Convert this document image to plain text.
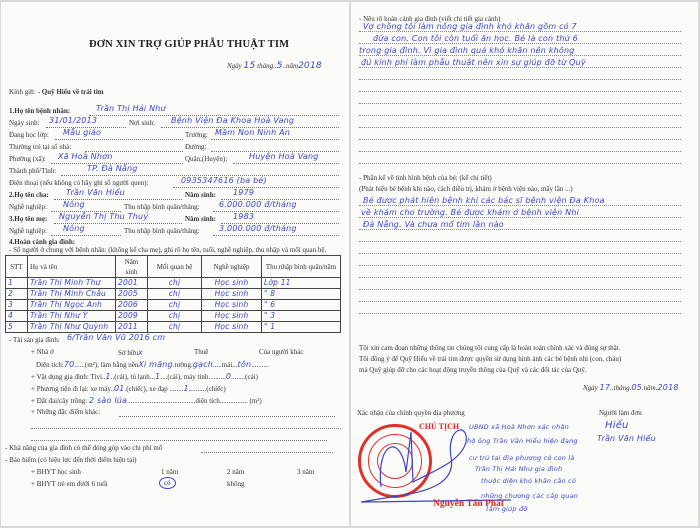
ĐƠN XIN TRỢ GIÚP PHẪU THUẬT TIM
Ngày 15 tháng..5..năm2018
Kính gửi: - Quỹ Hiểu về trái tim
1.Họ tên bệnh nhân:	Trần Thị Hải Như
Ngày sinh: 31/01/2013	Nơi sinh: Bệnh Viện Đa Khoa Hoà Vang
Đang học lớp: Mẫu giáo	Trường: Mầm Non Ninh An
Thường trú tại số nhà:	Đường:
Phường (xã): Xã Hoà Nhơn	Quận,(Huyện):	Huyện Hoà Vang
Thành phố/Tỉnh:	TP. Đà Nẵng
Điện thoại (nếu không có hãy ghi số người quen):	0935347616 (ba bé)
2.Họ tên cha: Trần Văn Hiếu	Năm sinh: 1979
Nghề nghiệp: Nông	Thu nhập bình quân/tháng: 6.000.000 đ/tháng
3.Họ tên mẹ: Nguyễn Thị Thu Thuỷ	Năm sinh: 1983
Nghề nghiệp: Nông	Thu nhập bình quân/tháng: 3.000.000 đ/tháng
4.Hoàn cảnh gia đình:
- Số người ở chung với bệnh nhân: (không kể cha mẹ), ghi rõ họ tên, tuổi, nghề nghiệp, thu nhập và mối quan hệ.
STT	Họ và tên	Năm sinh	Mối quan hệ	Nghề nghiệp	Thu nhập bình quân/năm
1	Trần Thị Minh Thư	2001	chị	Học sinh	Lớp 11
2	Trần Thị Minh Châu	2005	chị	Học sinh	" 8
3	Trần Thị Ngọc Anh	2006	chị	Học sinh	" 6
4	Trần Thị Như Ý	2009	chị	Học sinh	" 3
5	Trần Thị Như Quỳnh	2011	chị	Học sinh	" 1
- Tài sản gia đình: 6/Trần Văn Vũ 2016 cm
+ Nhà ở	Sở hữux	Thuê	Của người khác
Diện tích:70......(m²), làm bằng nềnXi măng.tường.gạch.....mái...tôn..........
+ Vật dụng gia đình: Tivi..1..(cái), tủ lạnh...1....(cái), máy tính..........0........(cái)
+ Phương tiện đi lại: xe máy..01.(chiếc), xe đạp ........1..........(chiếc)
+ Đất đai/cây trồng: 2 sào lúa.......................................diện tích................ (m²)
+ Những đặc điểm khác:
- Khả năng của gia đình có thể đóng góp vào chi phí mổ
- Bảo hiểm (có hiệu lực đến thời điểm hiện tại)
+ BHYT học sinh	1 năm	2 năm	3 năm
+ BHYT trẻ em dưới 6 tuổi	có	không
- Nêu rõ hoàn cảnh gia đình (viết chi tiết gia cảnh)
Vợ chồng tôi làm nông gia đình khó khăn gồm có 7
đứa con. Con tôi còn tuổi ăn học. Bé là con thứ 6
trong gia đình. Vì gia đình quá khó khăn nên không
đủ kinh phí làm phẫu thuật nên xin sự giúp đỡ từ Quỹ
- Phần kể về tình hình bệnh của bé: (kể chi tiết)
(Phát hiện bé bệnh khi nào, cách điều trị, khám ở bệnh viện nào, mấy lần ...)
Bé được phát hiện bệnh khi các bác sĩ bệnh viện Đa Khoa
về khám cho trường. Bé được khám ở bệnh viện Nhi
Đà Nẵng. Và chưa mổ tim lần nào
Tôi xin cam đoan những thông tin chúng tôi cung cấp là hoàn toàn chính xác và đúng sự thật.
Tôi đồng ý để Quỹ Hiểu về trái tim được quyền sử dụng hình ảnh các bé bệnh nhi (con, cháu)
mà Quỹ giúp đỡ cho các hoạt động truyền thông của Quỹ và các đối tác của Quỹ.
Ngày 17..tháng.05.năm.2018
Xác nhận của chính quyền địa phương	Người làm đơn
CHỦ TỊCH
Nguyễn Tấn Phát
UBND xã Hoà Nhơn xác nhận
hộ ông Trần Văn Hiếu hiện đang
cư trú tại địa phương có con là
Trần Thị Hải Như gia đình
thuộc diện khó khăn cần có
những chương các cấp quan
tâm giúp đỡ
Hiếu
Trần Văn Hiếu
